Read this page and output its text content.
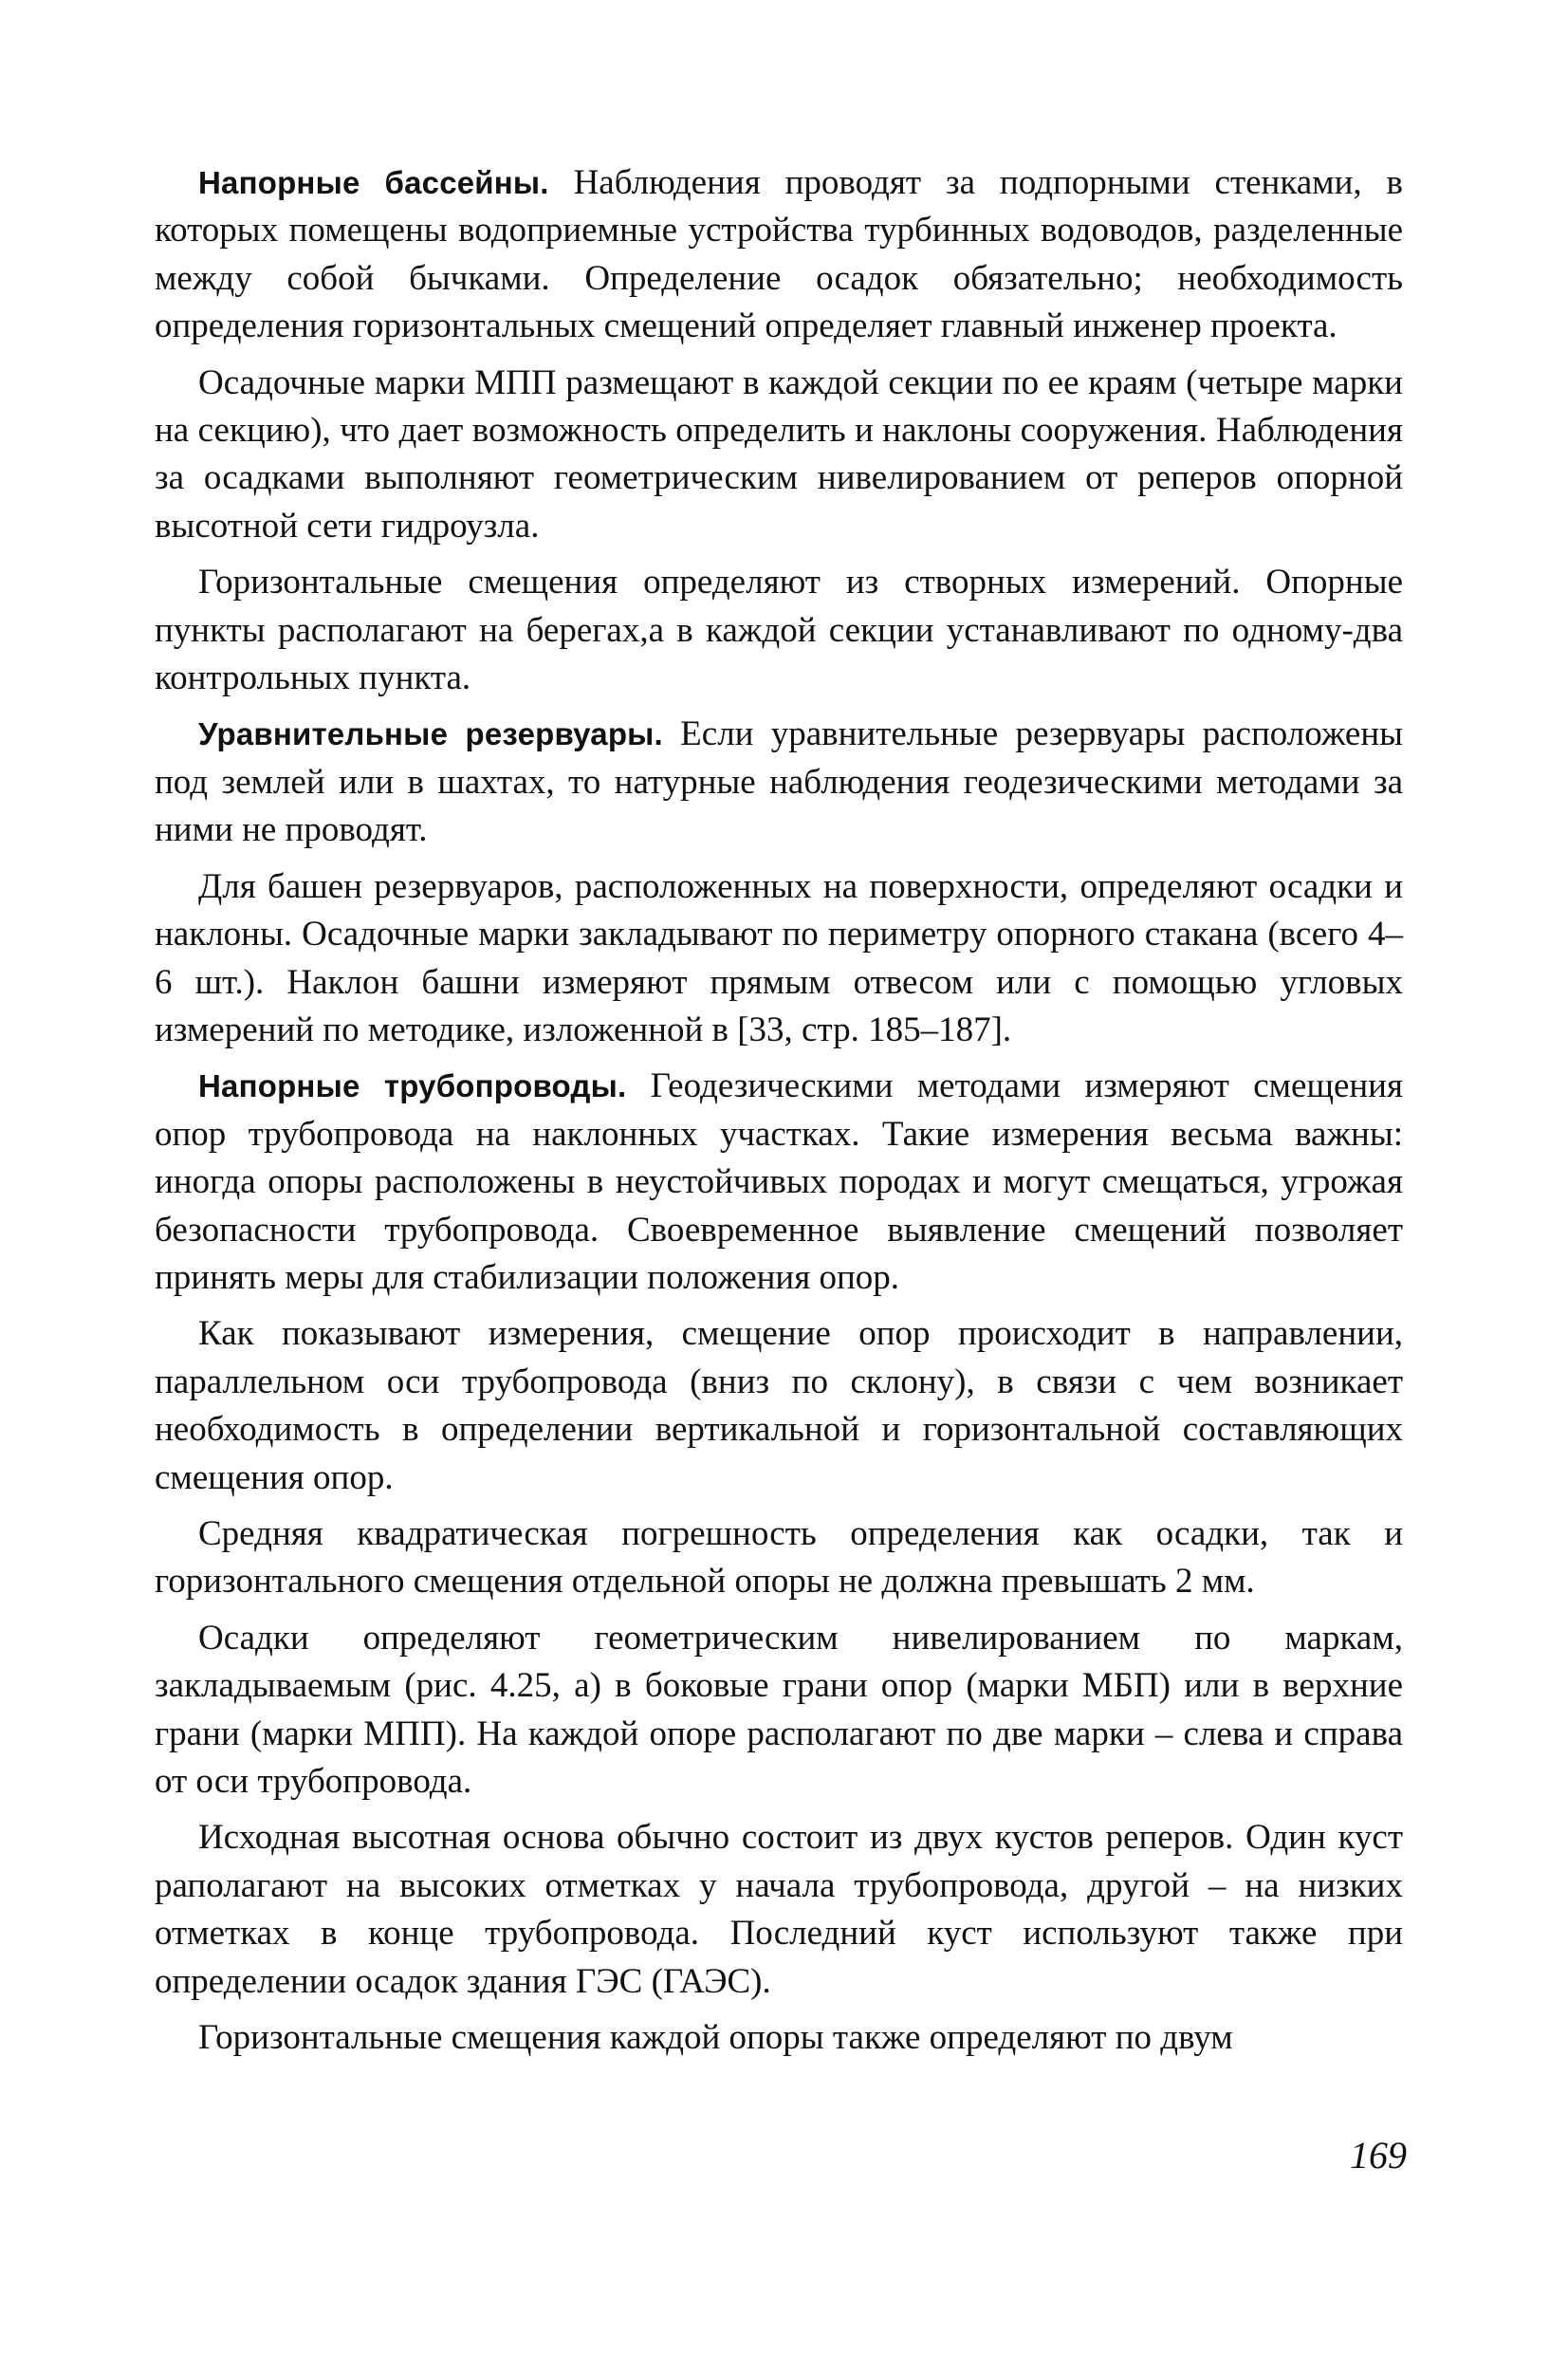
Напорные бассейны. Наблюдения проводят за подпорными стенками, в которых помещены водоприемные устройства турбинных водоводов, разделенные между собой бычками. Определение осадок обязательно; необходимость определения горизонтальных смещений определяет главный инженер проекта.

Осадочные марки МПП размещают в каждой секции по ее краям (четыре марки на секцию), что дает возможность определить и наклоны сооружения. Наблюдения за осадками выполняют геометрическим нивелированием от реперов опорной высотной сети гидроузла.

Горизонтальные смещения определяют из створных измерений. Опорные пункты располагают на берегах,а в каждой секции устанавливают по одному-два контрольных пункта.

Уравнительные резервуары. Если уравнительные резервуары расположены под землей или в шахтах, то натурные наблюдения геодезическими методами за ними не проводят.

Для башен резервуаров, расположенных на поверхности, определяют осадки и наклоны. Осадочные марки закладывают по периметру опорного стакана (всего 4–6 шт.). Наклон башни измеряют прямым отвесом или с помощью угловых измерений по методике, изложенной в [33, стр. 185–187].

Напорные трубопроводы. Геодезическими методами измеряют смещения опор трубопровода на наклонных участках. Такие измерения весьма важны: иногда опоры расположены в неустойчивых породах и могут смещаться, угрожая безопасности трубопровода. Своевременное выявление смещений позволяет принять меры для стабилизации положения опор.

Как показывают измерения, смещение опор происходит в направлении, параллельном оси трубопровода (вниз по склону), в связи с чем возникает необходимость в определении вертикальной и горизонтальной составляющих смещения опор.

Средняя квадратическая погрешность определения как осадки, так и горизонтального смещения отдельной опоры не должна превышать 2 мм.

Осадки определяют геометрическим нивелированием по маркам, закладываемым (рис. 4.25, а) в боковые грани опор (марки МБП) или в верхние грани (марки МПП). На каждой опоре располагают по две марки – слева и справа от оси трубопровода.

Исходная высотная основа обычно состоит из двух кустов реперов. Один куст раполагают на высоких отметках у начала трубопровода, другой – на низких отметках в конце трубопровода. Последний куст используют также при определении осадок здания ГЭС (ГАЭС).

Горизонтальные смещения каждой опоры также определяют по двум

169
